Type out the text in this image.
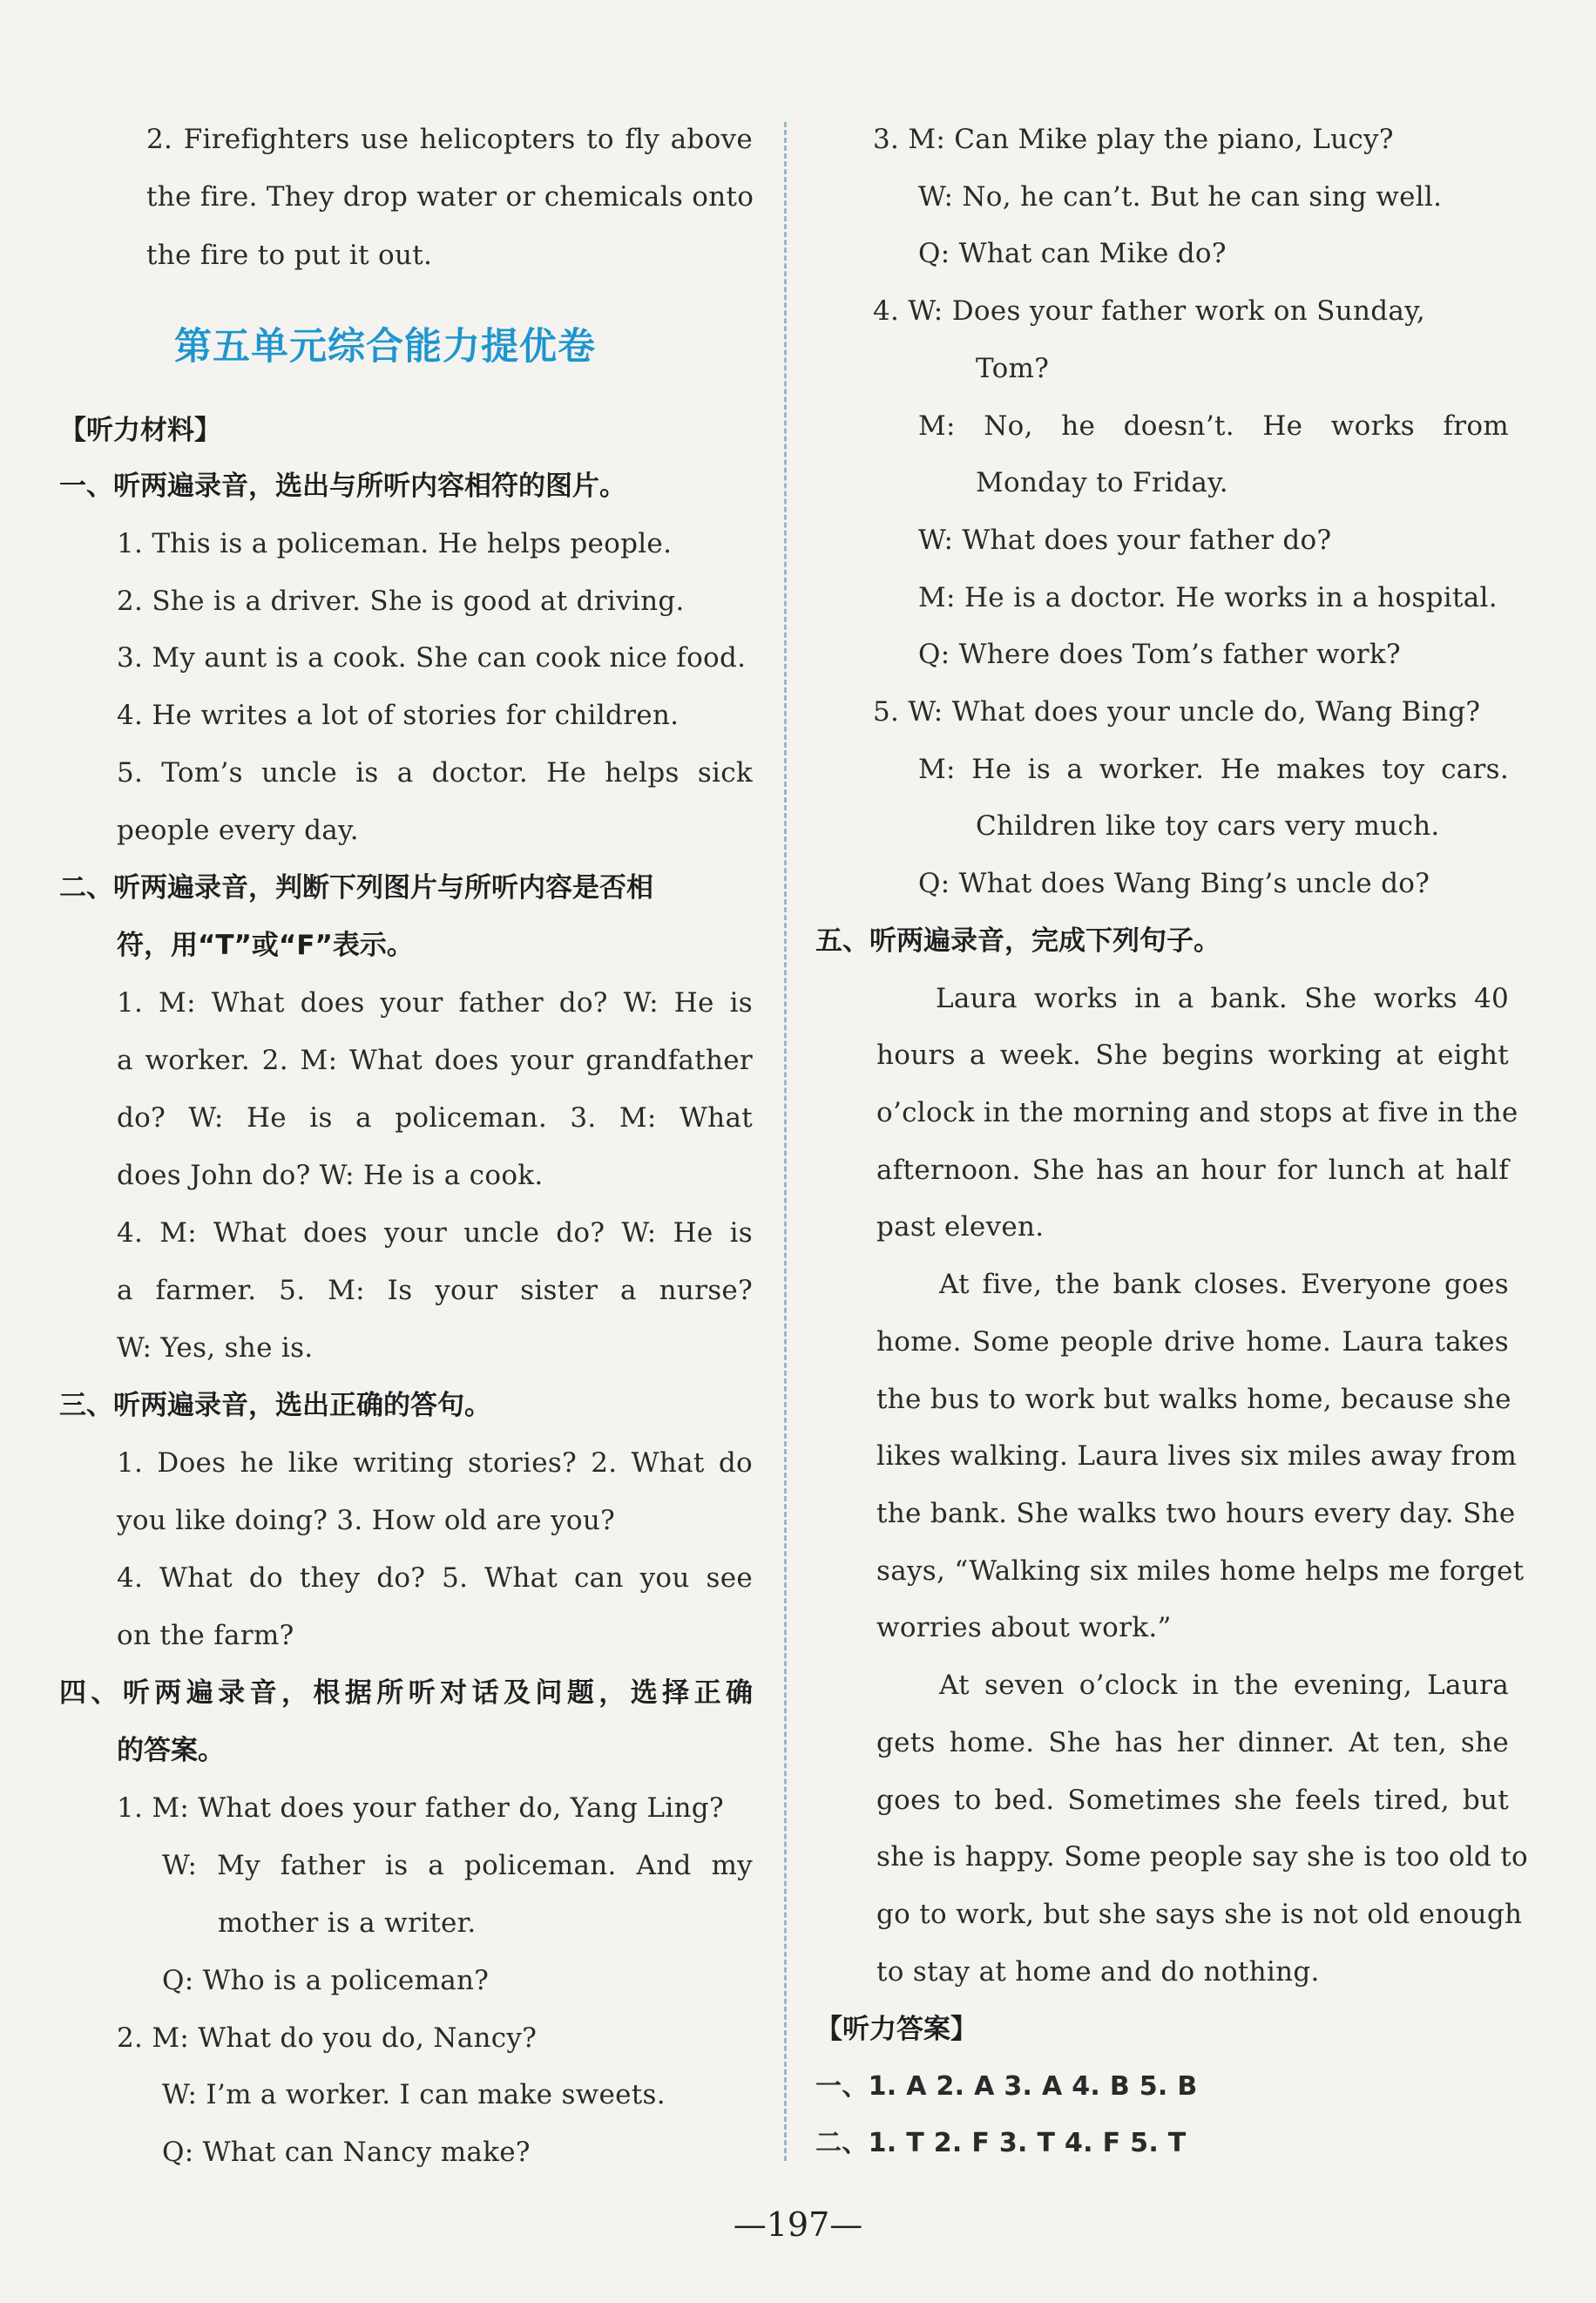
2. Firefighters use helicopters to fly above
the fire. They drop water or chemicals onto
the fire to put it out.
第五单元综合能力提优卷
【听力材料】
一、听两遍录音，选出与所听内容相符的图片。
1. This is a policeman. He helps people.
2. She is a driver. She is good at driving.
3. My aunt is a cook. She can cook nice food.
4. He writes a lot of stories for children.
5. Tom’s uncle is a doctor. He helps sick
people every day.
二、听两遍录音，判断下列图片与所听内容是否相
符，用“T”或“F”表示。
1. M: What does your father do? W: He is
a worker. 2. M: What does your grandfather
do? W: He is a policeman. 3. M: What
does John do? W: He is a cook.
4. M: What does your uncle do? W: He is
a farmer. 5. M: Is your sister a nurse?
W: Yes, she is.
三、听两遍录音，选出正确的答句。
1. Does he like writing stories? 2. What do
you like doing? 3. How old are you?
4. What do they do? 5. What can you see
on the farm?
四、听两遍录音，根据所听对话及问题，选择正确
的答案。
1. M: What does your father do, Yang Ling?
W: My father is a policeman. And my
mother is a writer.
Q: Who is a policeman?
2. M: What do you do, Nancy?
W: I’m a worker. I can make sweets.
Q: What can Nancy make?
3. M: Can Mike play the piano, Lucy?
W: No, he can’t. But he can sing well.
Q: What can Mike do?
4. W: Does your father work on Sunday,
Tom?
M: No, he doesn’t. He works from
Monday to Friday.
W: What does your father do?
M: He is a doctor. He works in a hospital.
Q: Where does Tom’s father work?
5. W: What does your uncle do, Wang Bing?
M: He is a worker. He makes toy cars.
Children like toy cars very much.
Q: What does Wang Bing’s uncle do?
五、听两遍录音，完成下列句子。
Laura works in a bank. She works 40
hours a week. She begins working at eight
o’clock in the morning and stops at five in the
afternoon. She has an hour for lunch at half
past eleven.
At five, the bank closes. Everyone goes
home. Some people drive home. Laura takes
the bus to work but walks home, because she
likes walking. Laura lives six miles away from
the bank. She walks two hours every day. She
says, “Walking six miles home helps me forget
worries about work.”
At seven o’clock in the evening, Laura
gets home. She has her dinner. At ten, she
goes to bed. Sometimes she feels tired, but
she is happy. Some people say she is too old to
go to work, but she says she is not old enough
to stay at home and do nothing.
【听力答案】
一、1. A 2. A 3. A 4. B 5. B
二、1. T 2. F 3. T 4. F 5. T
—197—
